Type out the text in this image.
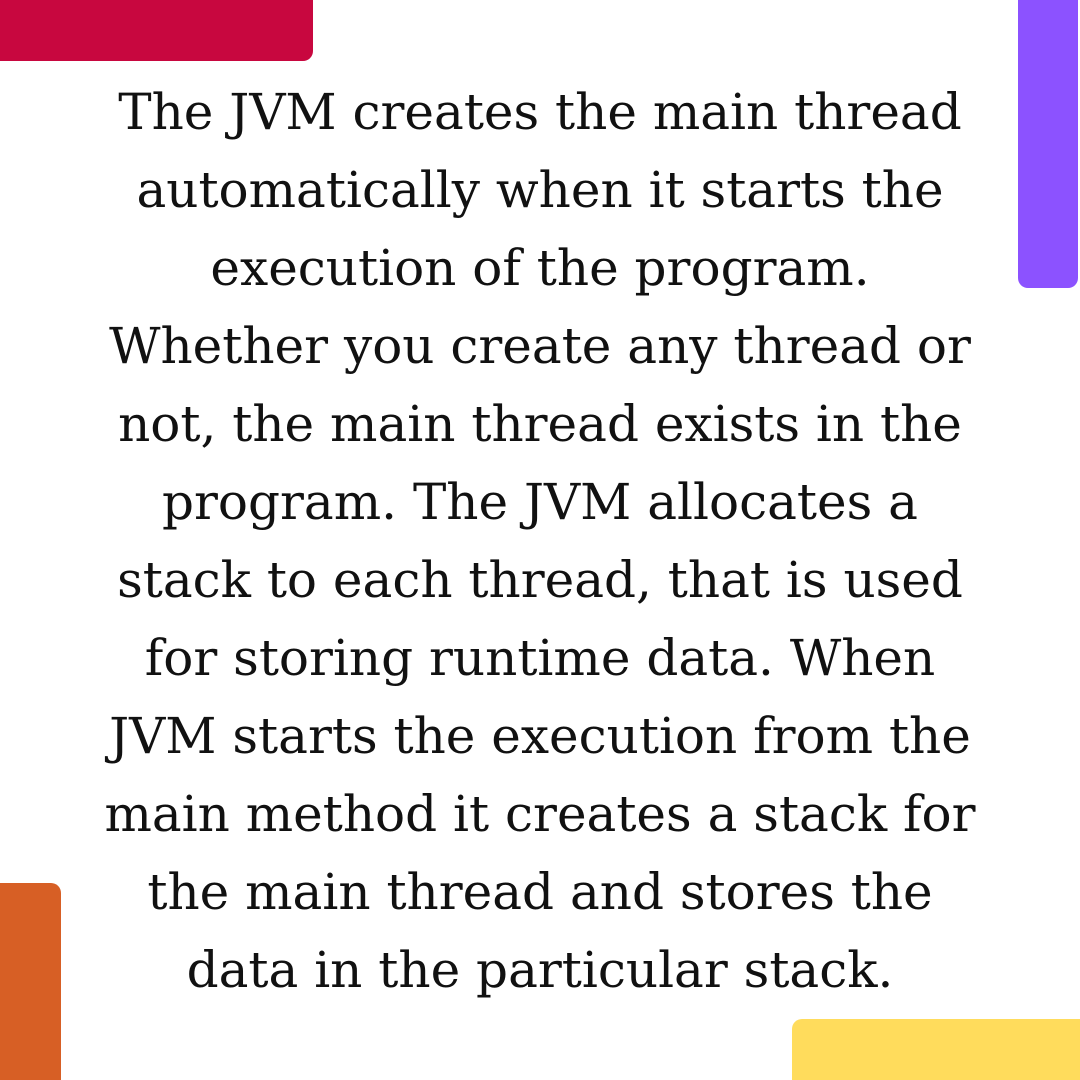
The JVM creates the main thread
automatically when it starts the
execution of the program.
Whether you create any thread or
not, the main thread exists in the
program. The JVM allocates a
stack to each thread, that is used
for storing runtime data. When
JVM starts the execution from the
main method it creates a stack for
the main thread and stores the
data in the particular stack.
